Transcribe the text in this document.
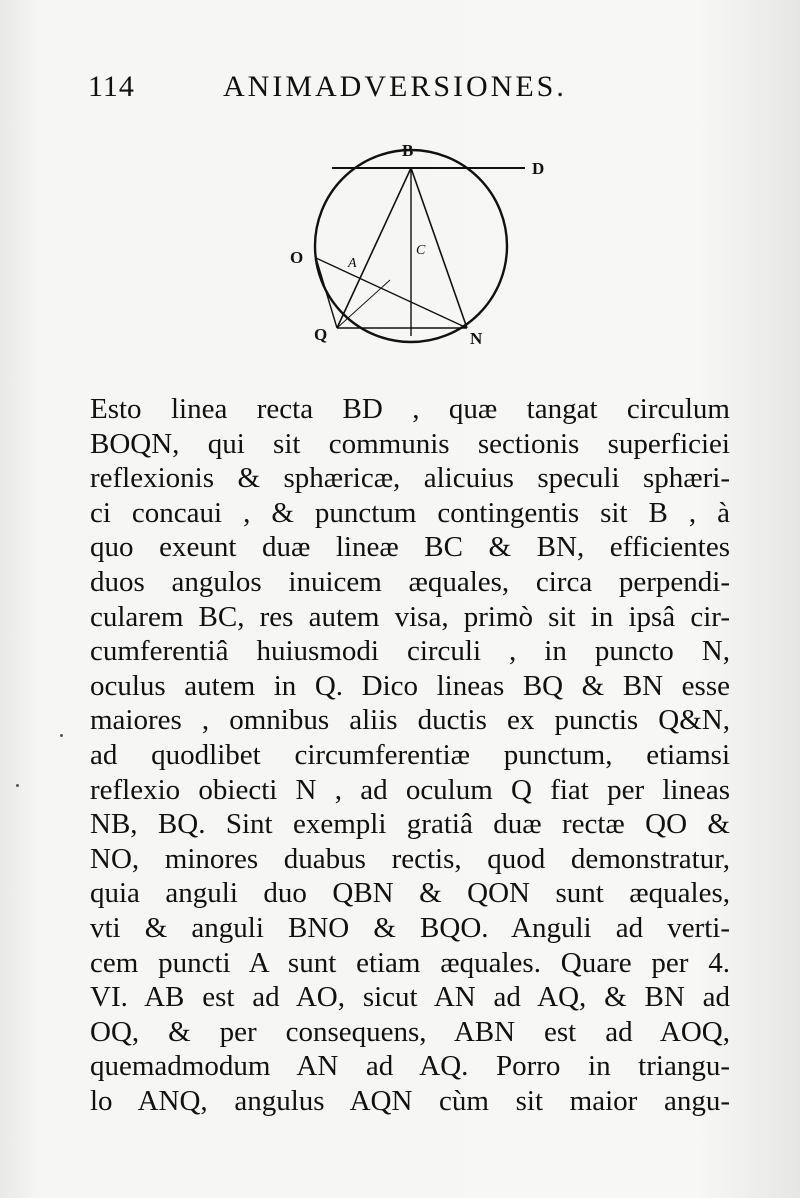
114	ANIMADVERSIONES.
B
D
O	A
C
Q	N
Esto linea recta BD , quæ tangat circulum
BOQN, qui sit communis sectionis superficiei
reflexionis & sphæricæ, alicuius speculi sphæri-
ci concaui , & punctum contingentis sit B , à
quo exeunt duæ lineæ BC & BN, efficientes
duos angulos inuicem æquales, circa perpendi-
cularem BC, res autem visa, primò sit in ipsâ cir-
cumferentiâ huiusmodi circuli , in puncto N,
oculus autem in Q. Dico lineas BQ & BN esse
maiores , omnibus aliis ductis ex punctis Q&N,
ad quodlibet circumferentiæ punctum, etiamsi
reflexio obiecti N , ad oculum Q fiat per lineas
NB, BQ. Sint exempli gratiâ duæ rectæ QO &
NO, minores duabus rectis, quod demonstratur,
quia anguli duo QBN & QON sunt æquales,
vti & anguli BNO & BQO. Anguli ad verti-
cem puncti A sunt etiam æquales. Quare per 4.
VI. AB est ad AO, sicut AN ad AQ, & BN ad
OQ, & per consequens, ABN est ad AOQ,
quemadmodum AN ad AQ. Porro in triangu-
lo ANQ, angulus AQN cùm sit maior angu-
